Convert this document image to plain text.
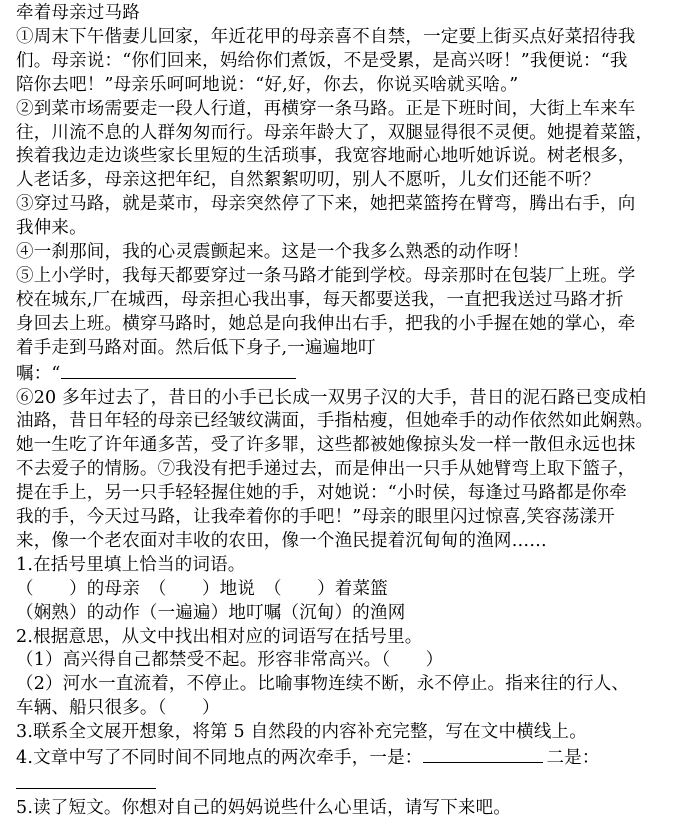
牵着母亲过马路
①周末下午偕妻儿回家，年近花甲的母亲喜不自禁，一定要上街买点好菜招待我
们。母亲说：“你们回来，妈给你们煮饭，不是受累，是高兴呀！”我便说：“我
陪你去吧！”母亲乐呵呵地说：“好,好，你去，你说买啥就买啥。”
②到菜市场需要走一段人行道，再横穿一条马路。正是下班时间，大街上车来车
往，川流不息的人群匆匆而行。母亲年龄大了，双腿显得很不灵便。她提着菜篮，
挨着我边走边谈些家长里短的生活琐事，我宽容地耐心地听她诉说。树老根多，
人老话多，母亲这把年纪，自然絮絮叨叨，别人不愿听，儿女们还能不听？
③穿过马路，就是菜市，母亲突然停了下来，她把菜篮挎在臂弯，腾出右手，向
我伸来。
④一刹那间，我的心灵震颤起来。这是一个我多么熟悉的动作呀！
⑤上小学时，我每天都要穿过一条马路才能到学校。母亲那时在包装厂上班。学
校在城东,厂在城西，母亲担心我出事，每天都要送我，一直把我送过马路才折
身回去上班。横穿马路时，她总是向我伸出右手，把我的小手握在她的掌心，牵
着手走到马路对面。然后低下身子,一遍遍地叮
嘱：“
⑥20 多年过去了，昔日的小手已长成一双男子汉的大手，昔日的泥石路已变成柏
油路，昔日年轻的母亲已经皱纹满面，手指枯瘦，但她牵手的动作依然如此娴熟。
她一生吃了许年通多苦，受了许多罪，这些都被她像掠头发一样一散但永远也抹
不去爱子的情肠。⑦我没有把手递过去，而是伸出一只手从她臂弯上取下篮子，
提在手上，另一只手轻轻握住她的手，对她说：“小时侯，每逢过马路都是你牵
我的手，今天过马路，让我牵着你的手吧！”母亲的眼里闪过惊喜,笑容荡漾开
来，像一个老农面对丰收的农田，像一个渔民提着沉甸甸的渔网……
1.在括号里填上恰当的词语。
（　　）的母亲　（　　）地说　（　　）着菜篮
（娴熟）的动作（一遍遍）地叮嘱（沉甸）的渔网
2.根据意思，从文中找出相对应的词语写在括号里。
（1）高兴得自己都禁受不起。形容非常高兴。（　　）
（2）河水一直流着，不停止。比喻事物连续不断，永不停止。指来往的行人、
车辆、船只很多。（　　）
3.联系全文展开想象，将第 5 自然段的内容补充完整，写在文中横线上。
4.文章中写了不同时间不同地点的两次牵手，一是：	二是：
5.读了短文。你想对自己的妈妈说些什么心里话，请写下来吧。
